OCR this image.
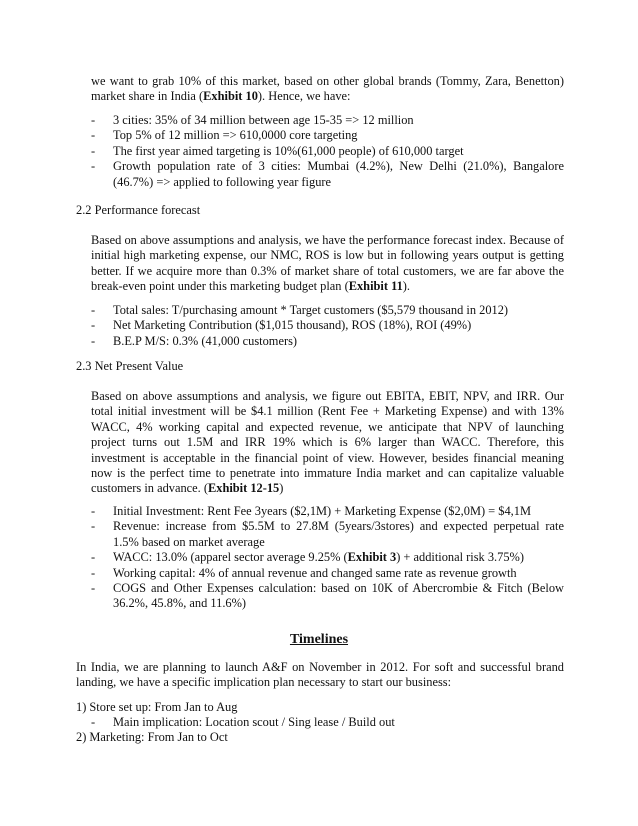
we want to grab 10% of this market, based on other global brands (Tommy, Zara, Benetton) market share in India (Exhibit 10). Hence, we have:

- 3 cities: 35% of 34 million between age 15-35 => 12 million
- Top 5% of 12 million => 610,0000 core targeting
- The first year aimed targeting is 10%(61,000 people) of 610,000 target
- Growth population rate of 3 cities: Mumbai (4.2%), New Delhi (21.0%), Bangalore (46.7%) => applied to following year figure

2.2 Performance forecast

Based on above assumptions and analysis, we have the performance forecast index. Because of initial high marketing expense, our NMC, ROS is low but in following years output is getting better. If we acquire more than 0.3% of market share of total customers, we are far above the break-even point under this marketing budget plan (Exhibit 11).

- Total sales: T/purchasing amount * Target customers ($5,579 thousand in 2012)
- Net Marketing Contribution ($1,015 thousand), ROS (18%), ROI (49%)
- B.E.P M/S: 0.3% (41,000 customers)

2.3 Net Present Value

Based on above assumptions and analysis, we figure out EBITA, EBIT, NPV, and IRR. Our total initial investment will be $4.1 million (Rent Fee + Marketing Expense) and with 13% WACC, 4% working capital and expected revenue, we anticipate that NPV of launching project turns out 1.5M and IRR 19% which is 6% larger than WACC. Therefore, this investment is acceptable in the financial point of view. However, besides financial meaning now is the perfect time to penetrate into immature India market and can capitalize valuable customers in advance. (Exhibit 12-15)

- Initial Investment: Rent Fee 3years ($2,1M) + Marketing Expense ($2,0M) = $4,1M
- Revenue: increase from $5.5M to 27.8M (5years/3stores) and expected perpetual rate 1.5% based on market average
- WACC: 13.0% (apparel sector average 9.25% (Exhibit 3) + additional risk 3.75%)
- Working capital: 4% of annual revenue and changed same rate as revenue growth
- COGS and Other Expenses calculation: based on 10K of Abercrombie & Fitch (Below 36.2%, 45.8%, and 11.6%)
Timelines

In India, we are planning to launch A&F on November in 2012. For soft and successful brand landing, we have a specific implication plan necessary to start our business:

1) Store set up: From Jan to Aug

- Main implication: Location scout / Sing lease / Build out

2) Marketing: From Jan to Oct
